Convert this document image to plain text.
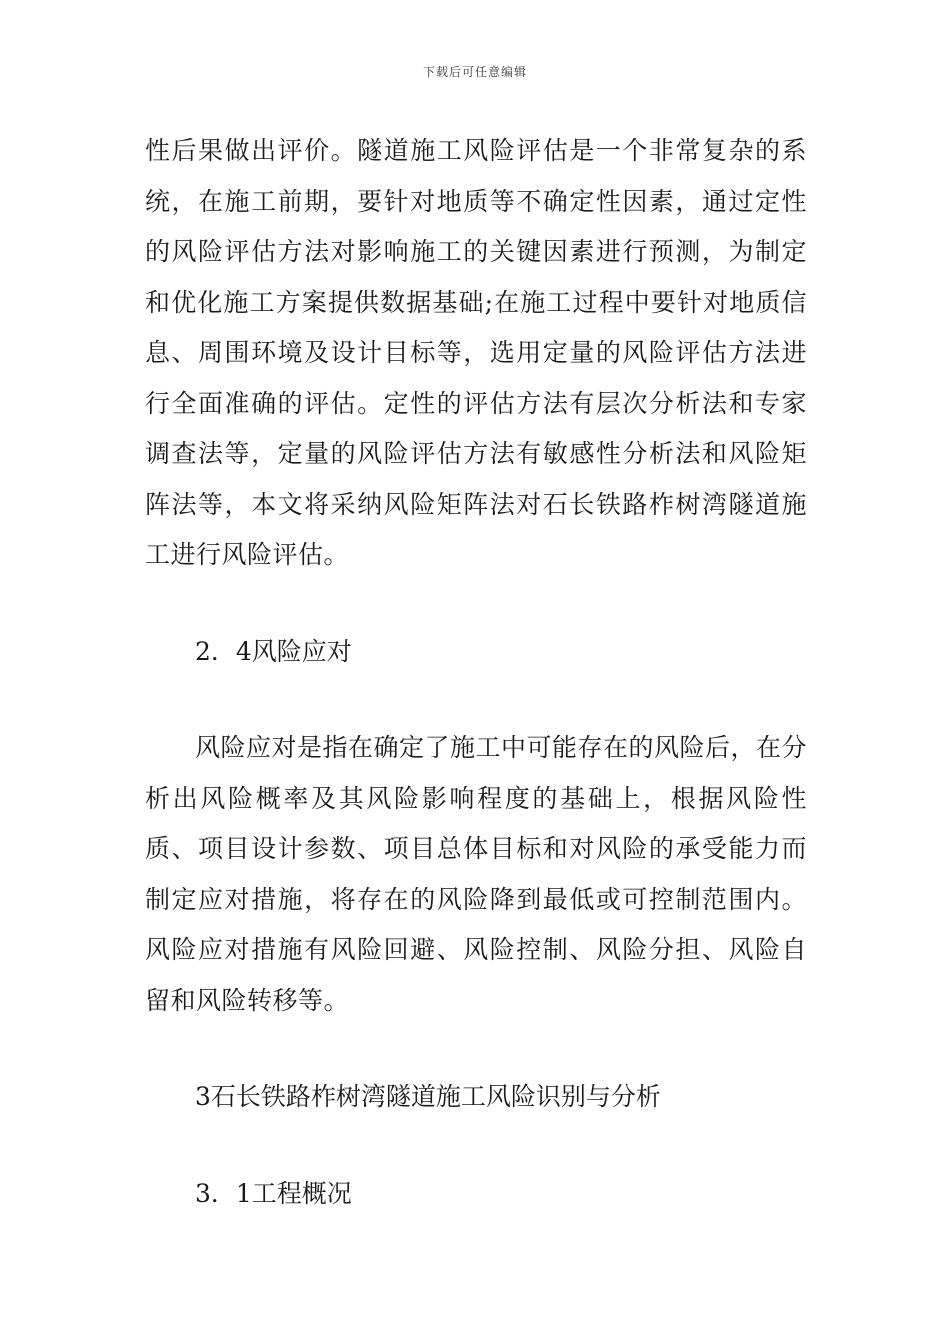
下载后可任意编辑

性后果做出评价。隧道施工风险评估是一个非常复杂的系统，在施工前期，要针对地质等不确定性因素，通过定性的风险评估方法对影响施工的关键因素进行预测，为制定和优化施工方案提供数据基础;在施工过程中要针对地质信息、周围环境及设计目标等，选用定量的风险评估方法进行全面准确的评估。定性的评估方法有层次分析法和专家调查法等，定量的风险评估方法有敏感性分析法和风险矩阵法等，本文将采纳风险矩阵法对石长铁路柞树湾隧道施工进行风险评估。

2．4风险应对

风险应对是指在确定了施工中可能存在的风险后，在分析出风险概率及其风险影响程度的基础上，根据风险性质、项目设计参数、项目总体目标和对风险的承受能力而制定应对措施，将存在的风险降到最低或可控制范围内。风险应对措施有风险回避、风险控制、风险分担、风险自留和风险转移等。

3石长铁路柞树湾隧道施工风险识别与分析

3．1工程概况
